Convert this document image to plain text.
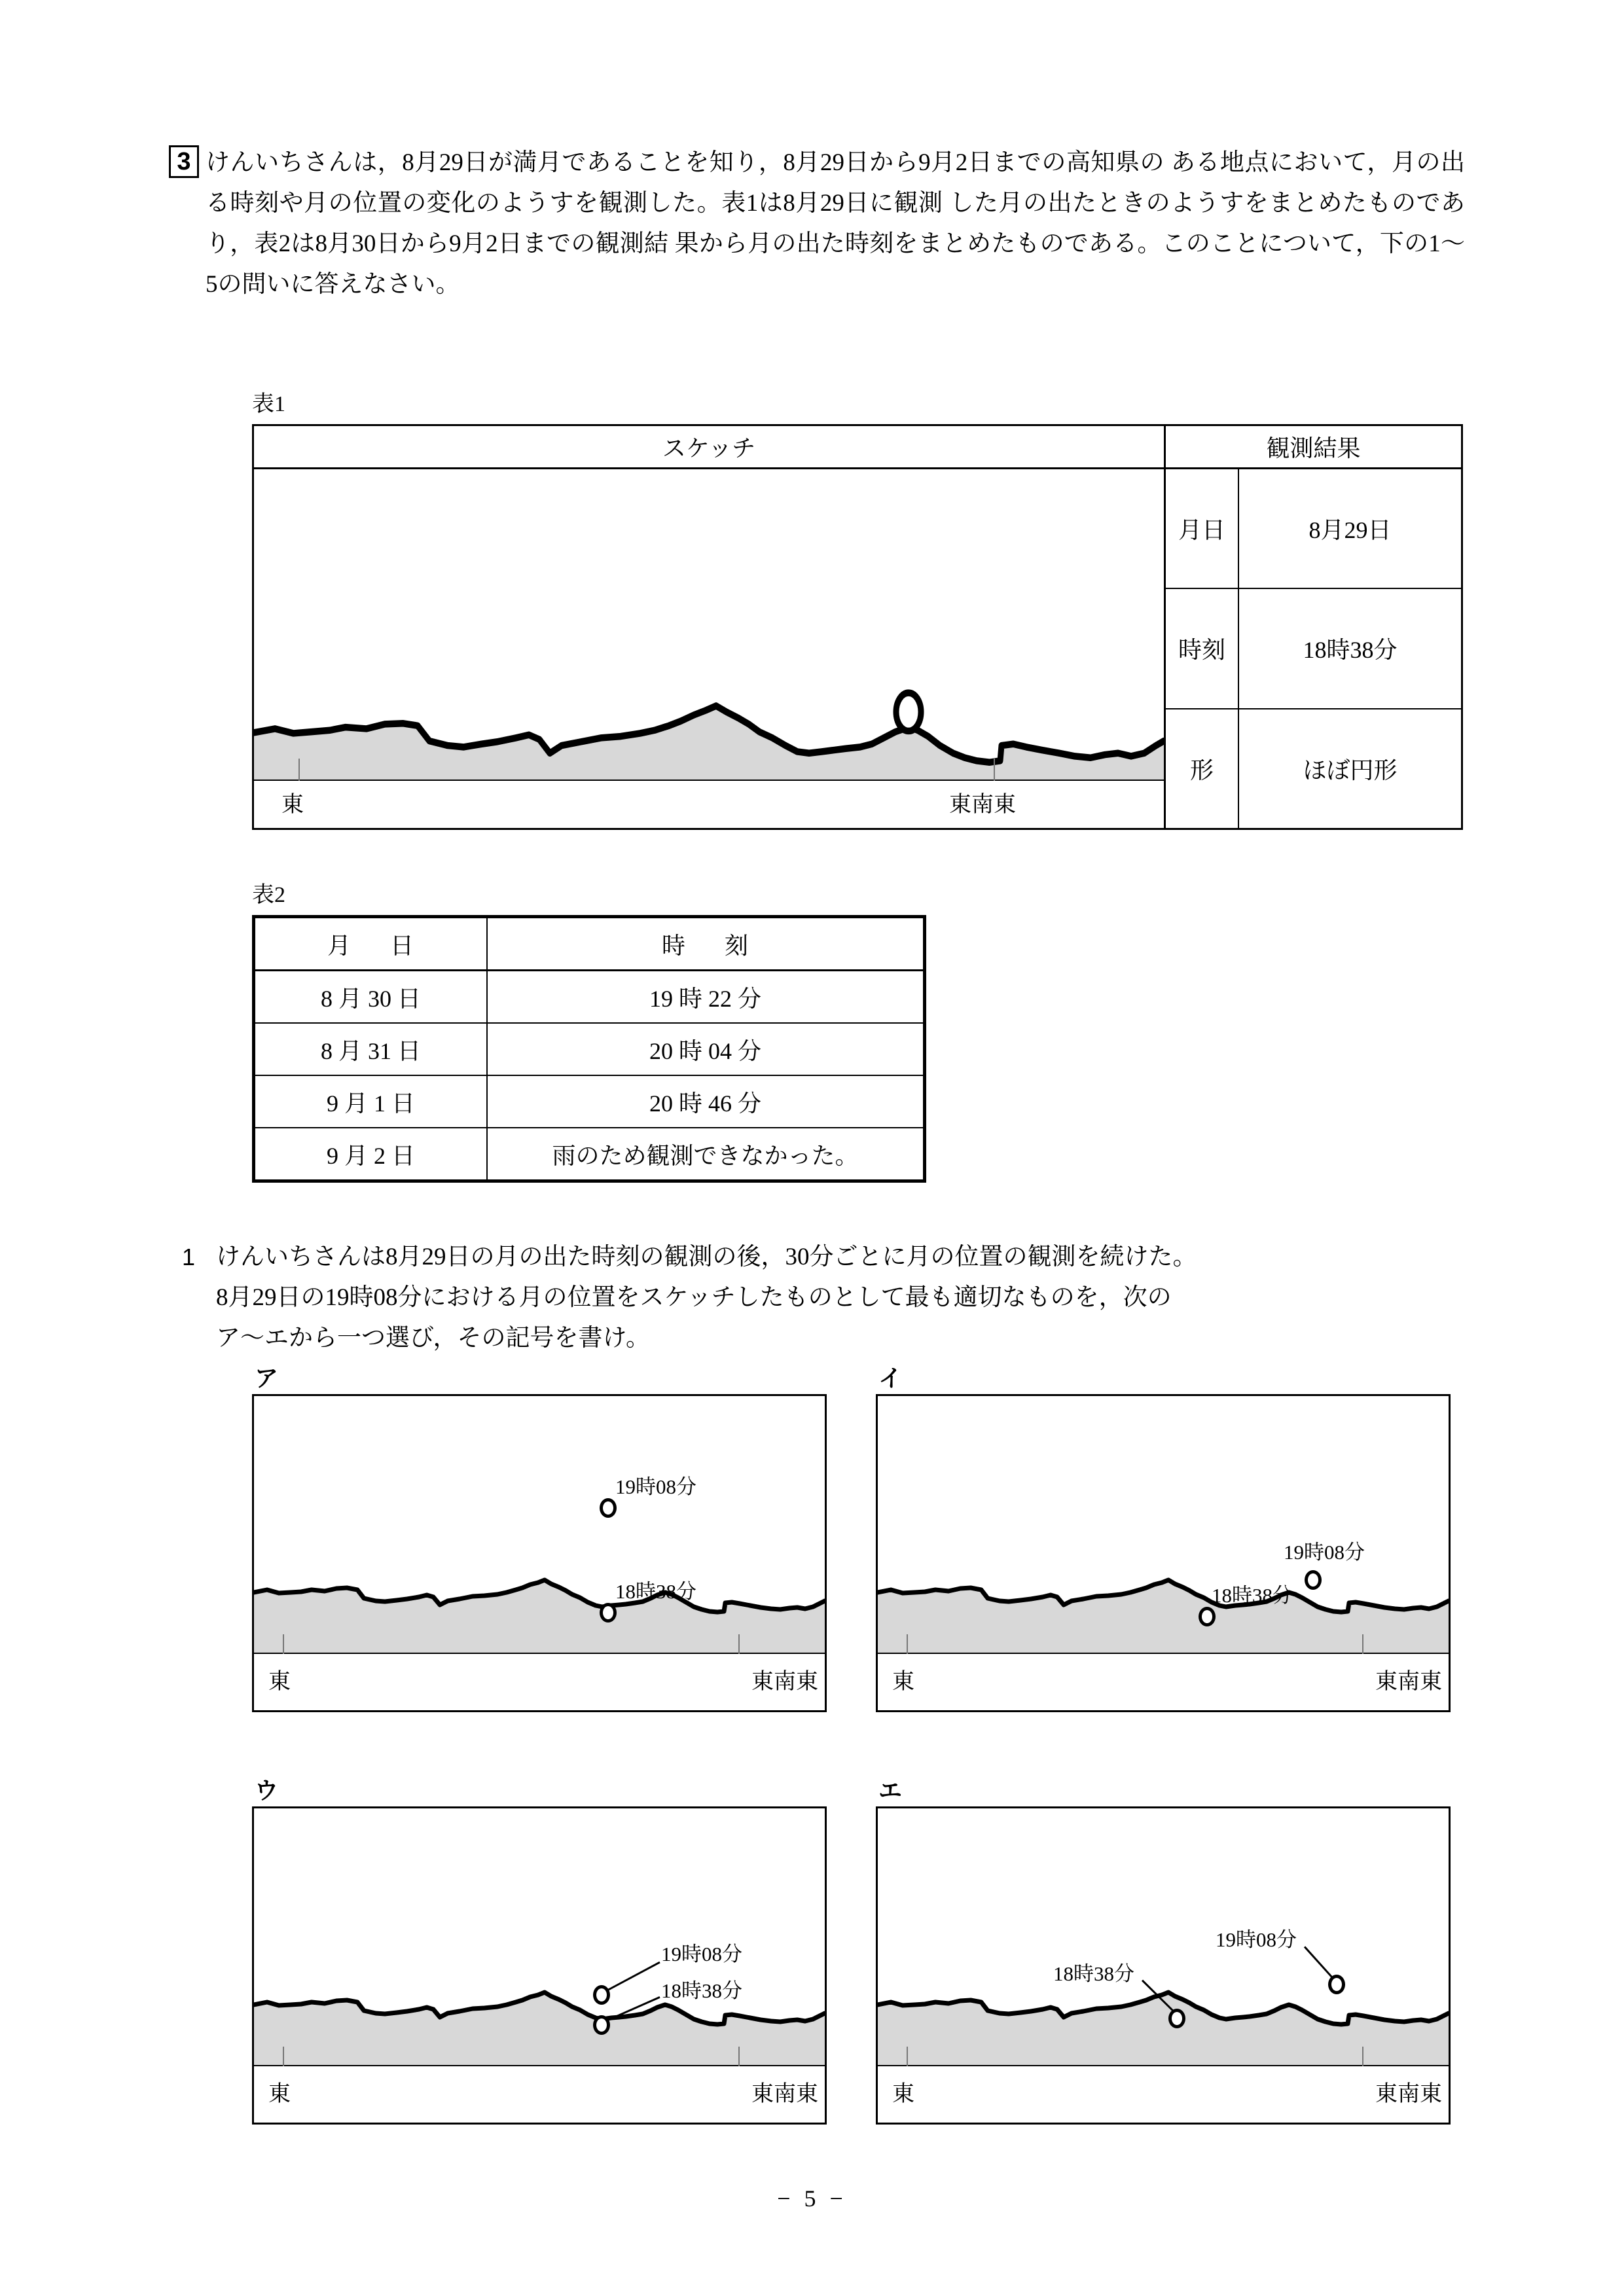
3 けんいちさんは，8月29日が満月であることを知り，8月29日から9月2日までの高知県の ある地点において，月の出る時刻や月の位置の変化のようすを観測した。表1は8月29日に観測 した月の出たときのようすをまとめたものであり，表2は8月30日から9月2日までの観測結 果から月の出た時刻をまとめたものである。このことについて，下の1〜5の問いに答えなさい。
表1
スケッチ
東	東南東
観測結果
月日	8月29日
時刻	18時38分
形	ほぼ円形
表2
月　日	時　刻
8 月 30 日	19 時 22 分
8 月 31 日	20 時 04 分
9 月 1 日	20 時 46 分
9 月 2 日	雨のため観測できなかった。
1 けんいちさんは8月29日の月の出た時刻の観測の後，30分ごとに月の位置の観測を続けた。
8月29日の19時08分における月の位置をスケッチしたものとして最も適切なものを，次の
ア〜エから一つ選び，その記号を書け。
ア
19時08分
18時38分
東	東南東
イ
19時08分
18時38分
東	東南東
ウ
19時08分
18時38分
東	東南東
エ
18時38分
19時08分
東	東南東
− 5 −
